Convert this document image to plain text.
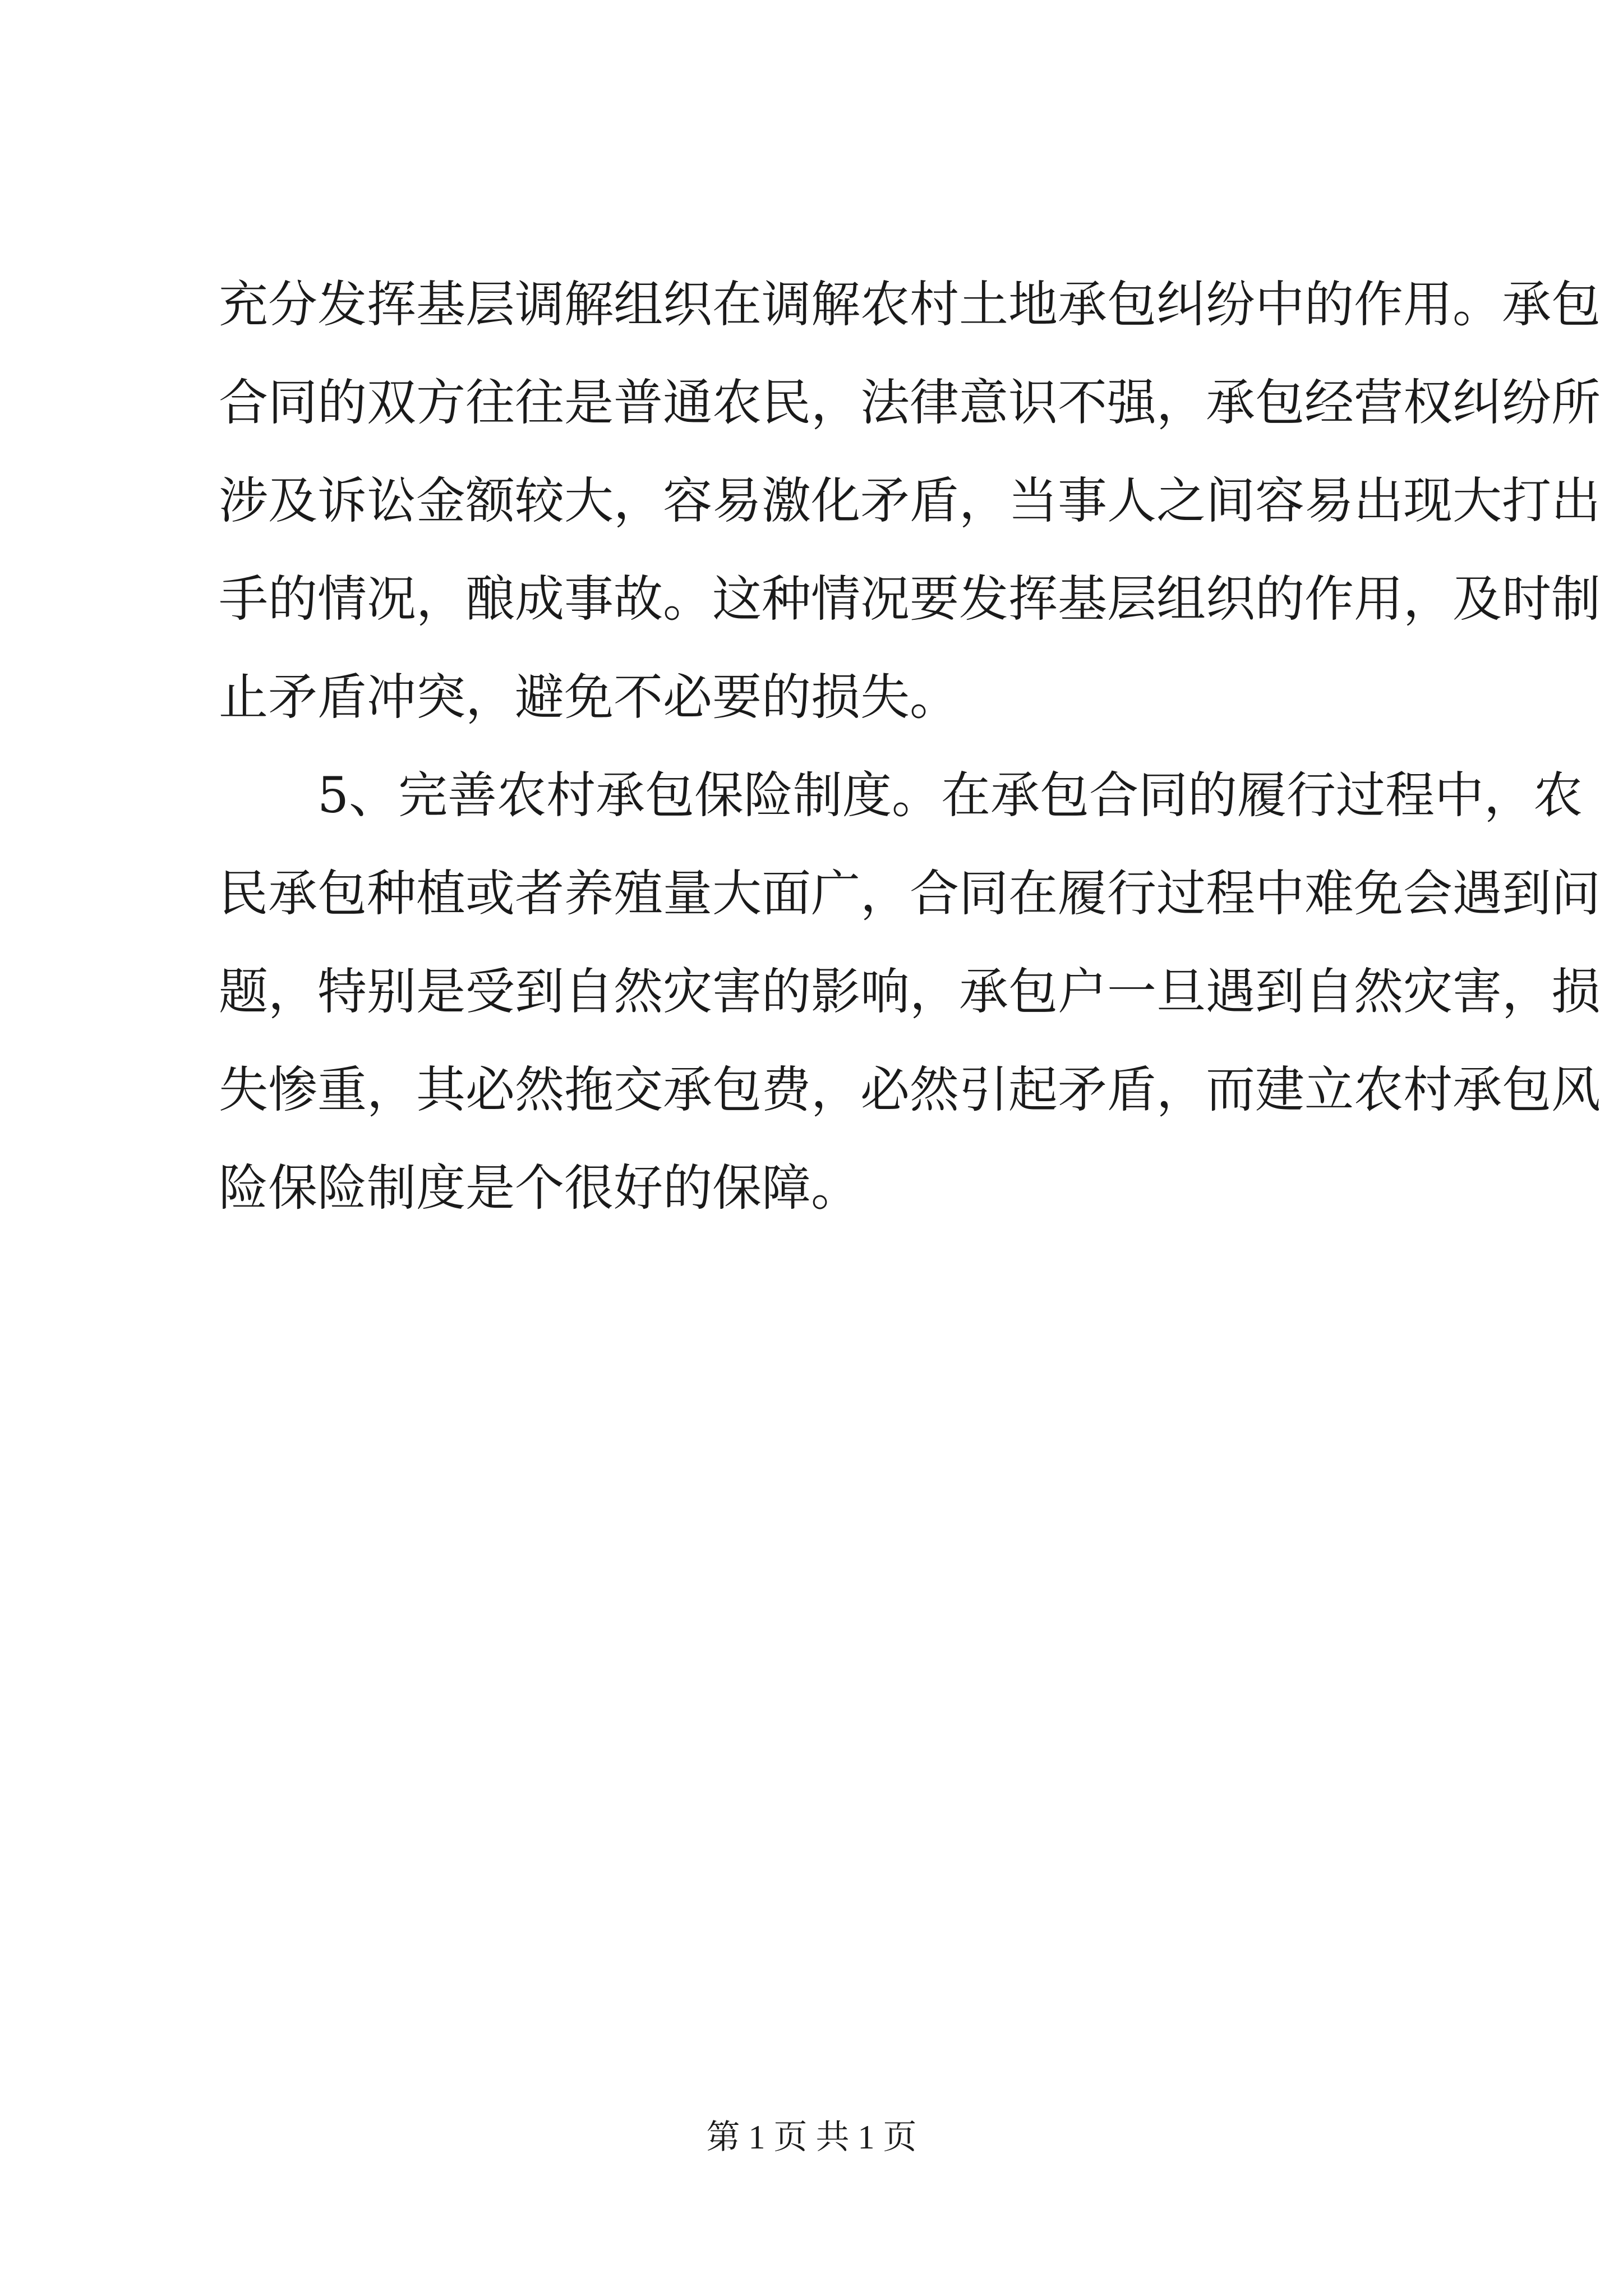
充分发挥基层调解组织在调解农村土地承包纠纷中的作用。承包
合同的双方往往是普通农民，法律意识不强，承包经营权纠纷所
涉及诉讼金额较大，容易激化矛盾，当事人之间容易出现大打出
手的情况，酿成事故。这种情况要发挥基层组织的作用，及时制
止矛盾冲突，避免不必要的损失。
5、完善农村承包保险制度。在承包合同的履行过程中，农
民承包种植或者养殖量大面广，合同在履行过程中难免会遇到问
题，特别是受到自然灾害的影响，承包户一旦遇到自然灾害，损
失惨重，其必然拖交承包费，必然引起矛盾，而建立农村承包风
险保险制度是个很好的保障。
第 1 页 共 1 页
